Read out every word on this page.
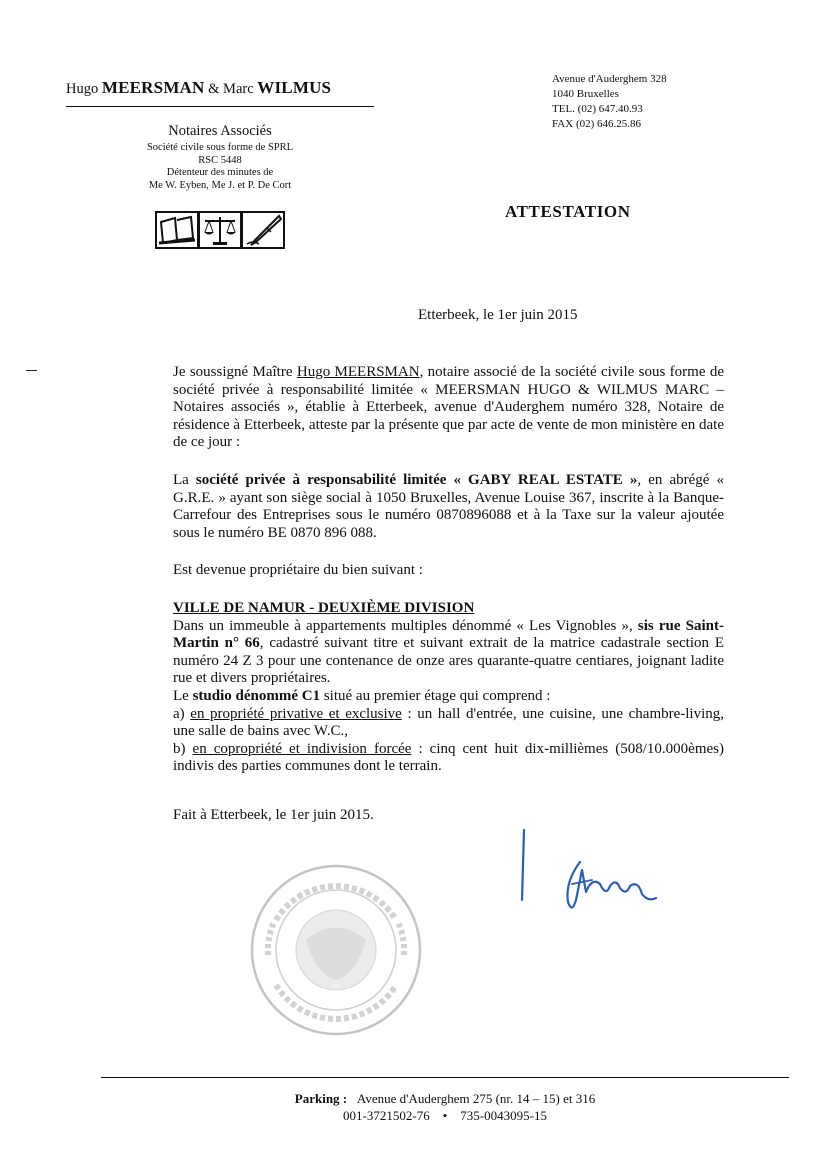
Hugo MEERSMAN & Marc WILMUS
Notaires Associés
Société civile sous forme de SPRL
RSC 5448
Détenteur des minutes de
Me W. Eyben, Me J. et P. De Cort
Avenue d'Auderghem 328
1040 Bruxelles
TEL. (02) 647.40.93
FAX (02) 646.25.86
ATTESTATION
Etterbeek, le 1er juin 2015

Je soussigné Maître Hugo MEERSMAN, notaire associé de la société civile sous forme de société privée à responsabilité limitée « MEERSMAN HUGO & WILMUS MARC – Notaires associés », établie à Etterbeek, avenue d'Auderghem numéro 328, Notaire de résidence à Etterbeek, atteste par la présente que par acte de vente de mon ministère en date de ce jour :

La société privée à responsabilité limitée « GABY REAL ESTATE », en abrégé « G.R.E. » ayant son siège social à 1050 Bruxelles, Avenue Louise 367, inscrite à la Banque-Carrefour des Entreprises sous le numéro 0870896088 et à la Taxe sur la valeur ajoutée sous le numéro BE 0870 896 088.

Est devenue propriétaire du bien suivant :

VILLE DE NAMUR - DEUXIÈME DIVISION
Dans un immeuble à appartements multiples dénommé « Les Vignobles », sis rue Saint-Martin n° 66, cadastré suivant titre et suivant extrait de la matrice cadastrale section E numéro 24 Z 3 pour une contenance de onze ares quarante-quatre centiares, joignant ladite rue et divers propriétaires.
Le studio dénommé C1 situé au premier étage qui comprend :
a) en propriété privative et exclusive : un hall d'entrée, une cuisine, une chambre-living, une salle de bains avec W.C.,
b) en copropriété et indivision forcée : cinq cent huit dix-millièmes (508/10.000èmes) indivis des parties communes dont le terrain.
Fait à Etterbeek, le 1er juin 2015.
Parking : Avenue d'Auderghem 275 (nr. 14 – 15) et 316
001-3721502-76 • 735-0043095-15
